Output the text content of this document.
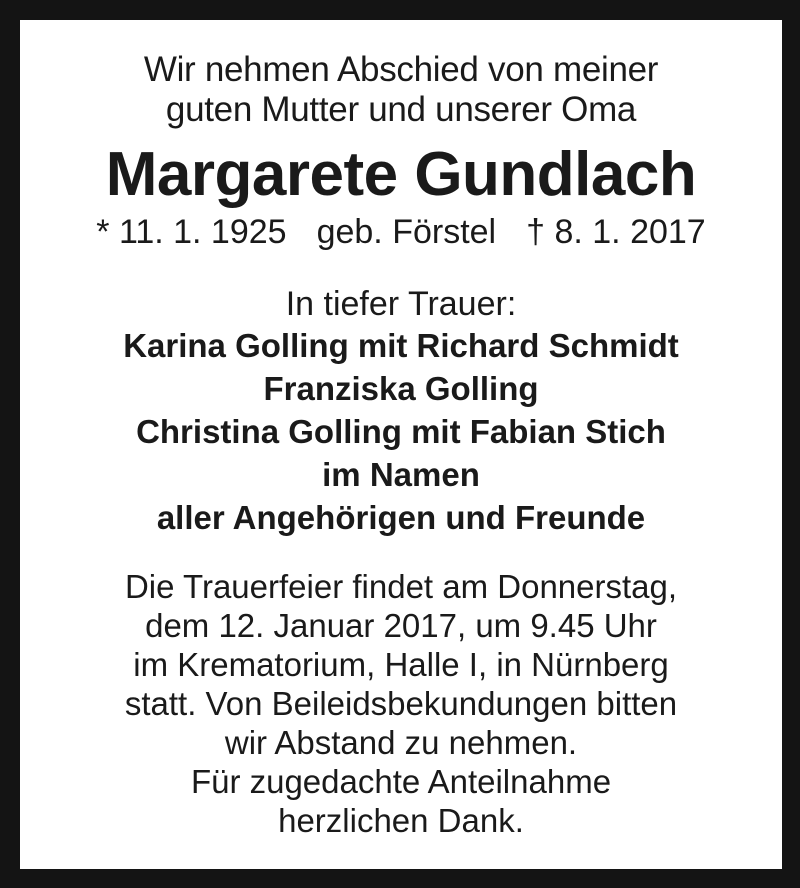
Wir nehmen Abschied von meiner
guten Mutter und unserer Oma
Margarete Gundlach
* 11. 1. 1925 geb. Förstel † 8. 1. 2017
In tiefer Trauer:
Karina Golling mit Richard Schmidt
Franziska Golling
Christina Golling mit Fabian Stich
im Namen
aller Angehörigen und Freunde
Die Trauerfeier findet am Donnerstag,
dem 12. Januar 2017, um 9.45 Uhr
im Krematorium, Halle I, in Nürnberg
statt. Von Beileidsbekundungen bitten
wir Abstand zu nehmen.
Für zugedachte Anteilnahme
herzlichen Dank.
